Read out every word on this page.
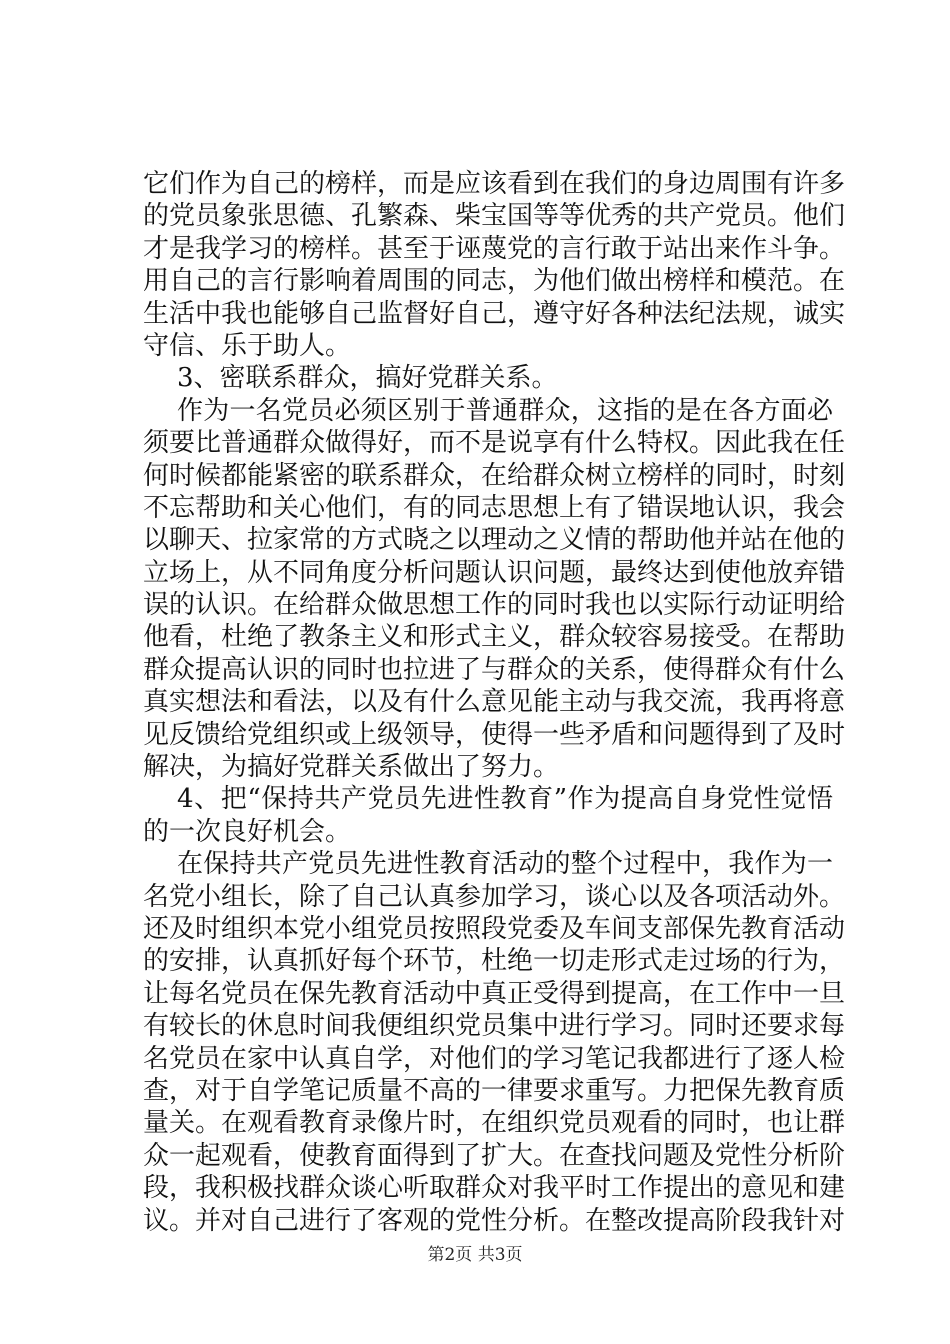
它们作为自己的榜样，而是应该看到在我们的身边周围有许多
的党员象张思德、孔繁森、柴宝国等等优秀的共产党员。他们
才是我学习的榜样。甚至于诬蔑党的言行敢于站出来作斗争。
用自己的言行影响着周围的同志，为他们做出榜样和模范。在
生活中我也能够自己监督好自己，遵守好各种法纪法规，诚实
守信、乐于助人。
3、密联系群众，搞好党群关系。
作为一名党员必须区别于普通群众，这指的是在各方面必
须要比普通群众做得好，而不是说享有什么特权。因此我在任
何时候都能紧密的联系群众，在给群众树立榜样的同时，时刻
不忘帮助和关心他们，有的同志思想上有了错误地认识，我会
以聊天、拉家常的方式晓之以理动之义情的帮助他并站在他的
立场上，从不同角度分析问题认识问题，最终达到使他放弃错
误的认识。在给群众做思想工作的同时我也以实际行动证明给
他看，杜绝了教条主义和形式主义，群众较容易接受。在帮助
群众提高认识的同时也拉进了与群众的关系，使得群众有什么
真实想法和看法，以及有什么意见能主动与我交流，我再将意
见反馈给党组织或上级领导，使得一些矛盾和问题得到了及时
解决，为搞好党群关系做出了努力。
4、把“保持共产党员先进性教育”作为提高自身党性觉悟
的一次良好机会。
在保持共产党员先进性教育活动的整个过程中，我作为一
名党小组长，除了自己认真参加学习，谈心以及各项活动外。
还及时组织本党小组党员按照段党委及车间支部保先教育活动
的安排，认真抓好每个环节，杜绝一切走形式走过场的行为，
让每名党员在保先教育活动中真正受得到提高，在工作中一旦
有较长的休息时间我便组织党员集中进行学习。同时还要求每
名党员在家中认真自学，对他们的学习笔记我都进行了逐人检
查，对于自学笔记质量不高的一律要求重写。力把保先教育质
量关。在观看教育录像片时，在组织党员观看的同时，也让群
众一起观看，使教育面得到了扩大。在查找问题及党性分析阶
段，我积极找群众谈心听取群众对我平时工作提出的意见和建
议。并对自己进行了客观的党性分析。在整改提高阶段我针对
第2页 共3页
